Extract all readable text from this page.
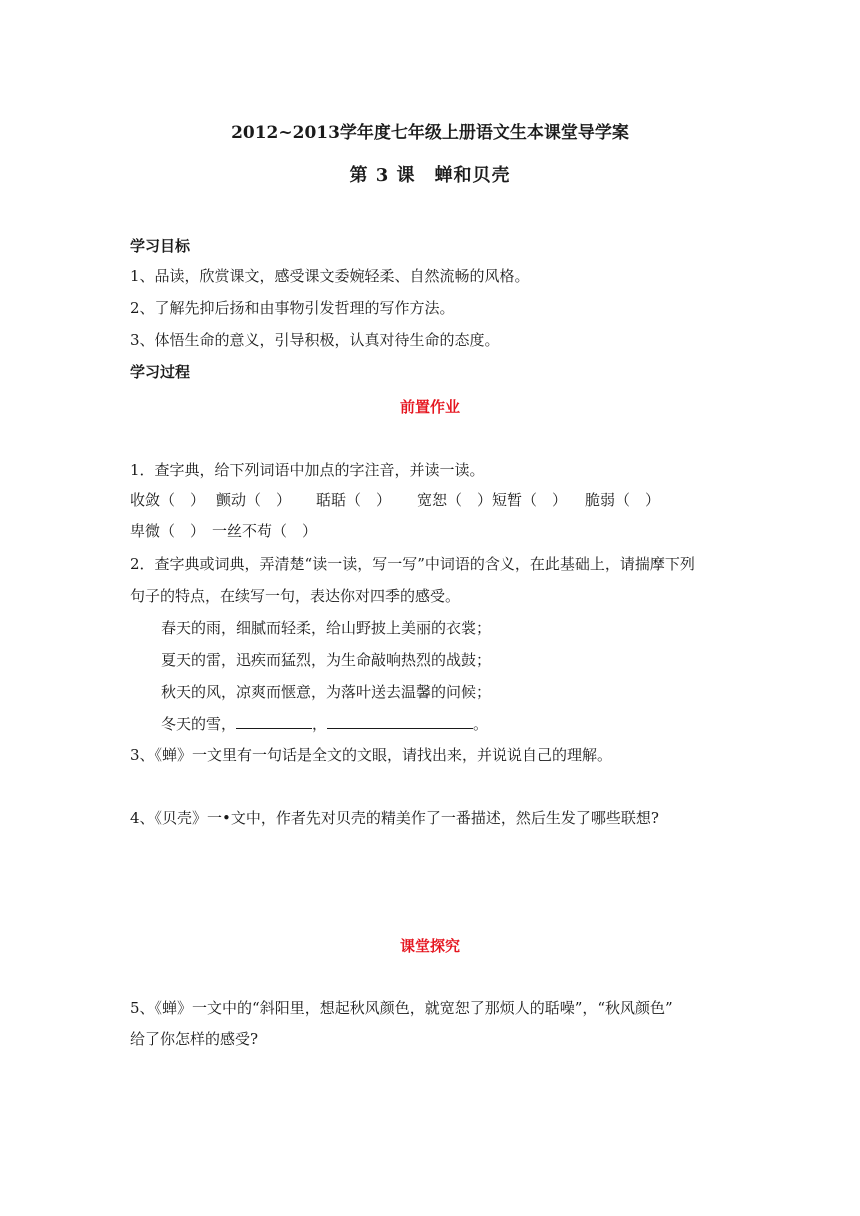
2012~2013学年度七年级上册语文生本课堂导学案
第 3 课　蝉和贝壳
学习目标
1、品读，欣赏课文，感受课文委婉轻柔、自然流畅的风格。
2、了解先抑后扬和由事物引发哲理的写作方法。
3、体悟生命的意义，引导积极，认真对待生命的态度。
学习过程
前置作业
1．查字典，给下列词语中加点的字注音，并读一读。
收敛（　） 颤动（　） 聒聒（　） 宽恕（　）短暂（　） 脆弱（　）
卑微（　） 一丝不苟（　）
2．查字典或词典，弄清楚“读一读，写一写”中词语的含义，在此基础上，请揣摩下列
句子的特点，在续写一句，表达你对四季的感受。
春天的雨，细腻而轻柔，给山野披上美丽的衣裳；
夏天的雷，迅疾而猛烈，为生命敲响热烈的战鼓；
秋天的风，凉爽而惬意，为落叶送去温馨的问候；
冬天的雪，	，	。
3、《蝉》一文里有一句话是全文的文眼，请找出来，并说说自己的理解。
4、《贝壳》一•文中，作者先对贝壳的精美作了一番描述，然后生发了哪些联想?
课堂探究
5、《蝉》一文中的“斜阳里，想起秋风颜色，就宽恕了那烦人的聒噪”，“秋风颜色”
给了你怎样的感受?
